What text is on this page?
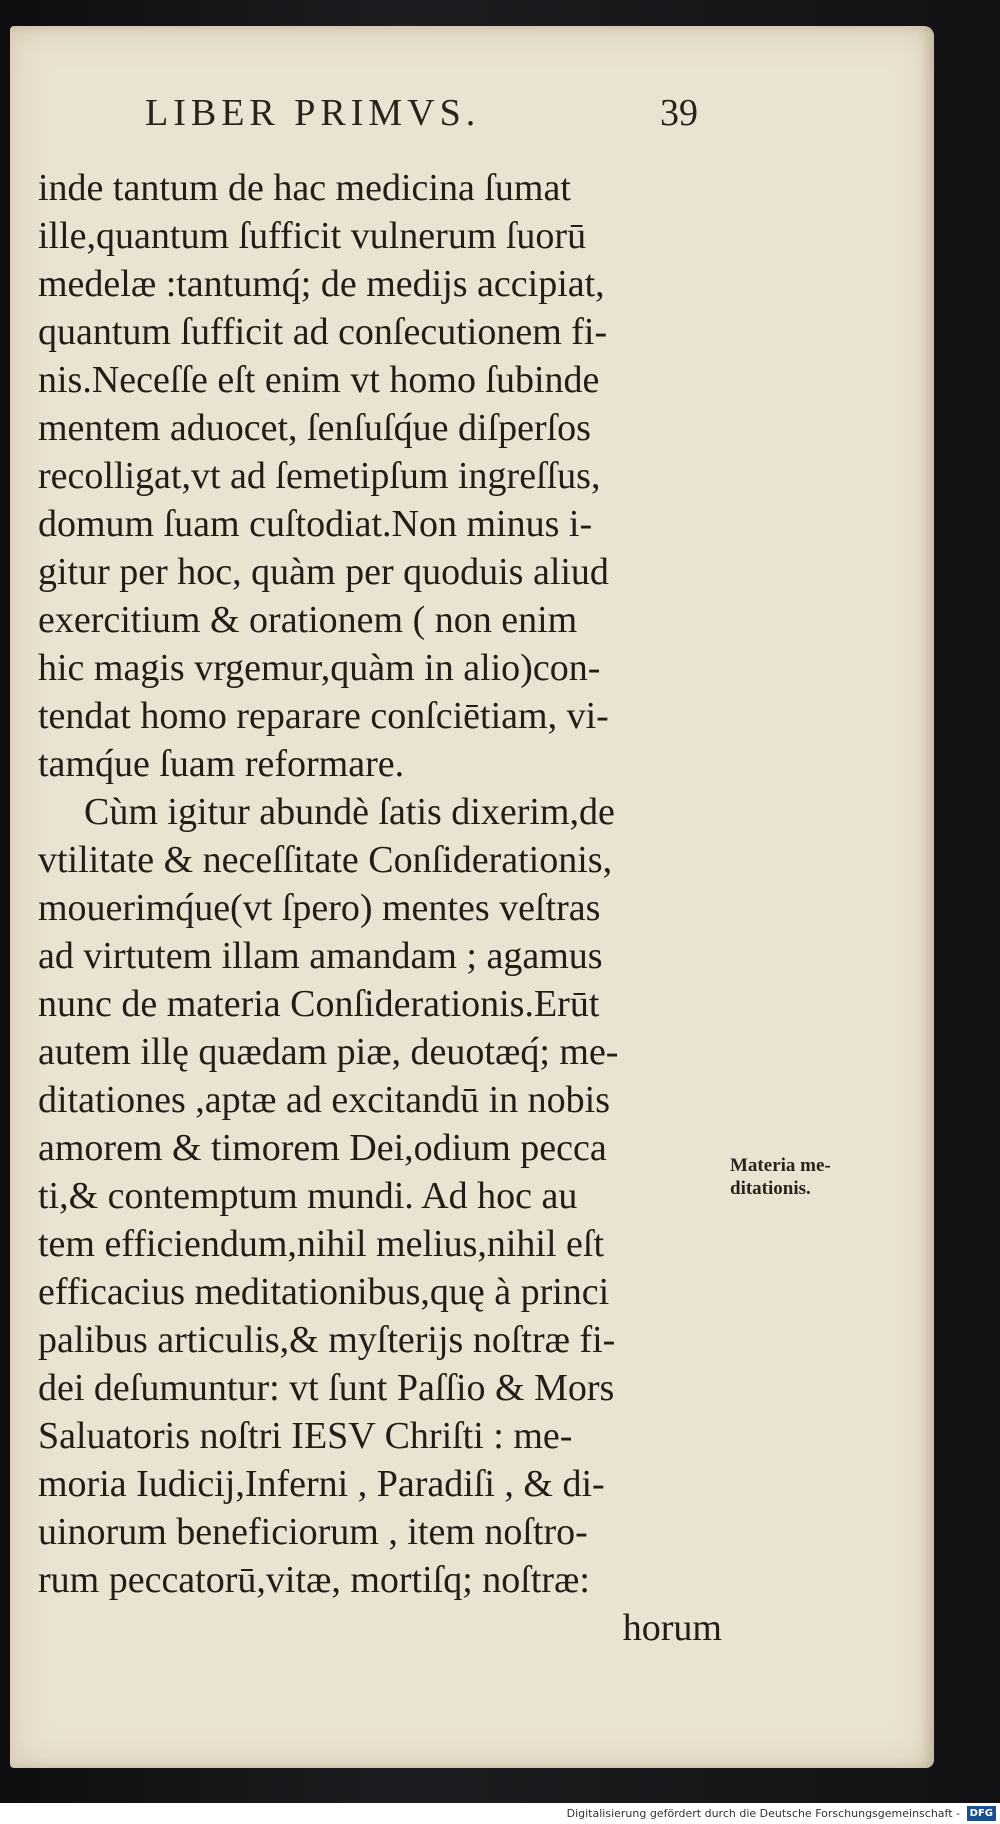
LIBER PRIMVS.	39
inde tantum de hac medicina ſumat
ille,quantum ſufficit vulnerum ſuorū
medelæ :tantumq́; de medijs accipiat,
quantum ſufficit ad conſecutionem fi-
nis.Neceſſe eſt enim vt homo ſubinde
mentem aduocet, ſenſuſq́ue diſperſos
recolligat,vt ad ſemetipſum ingreſſus,
domum ſuam cuſtodiat.Non minus i-
gitur per hoc, quàm per quoduis aliud
exercitium & orationem ( non enim
hic magis vrgemur,quàm in alio)con-
tendat homo reparare conſciētiam, vi-
tamq́ue ſuam reformare.
Cùm igitur abundè ſatis dixerim,de
vtilitate & neceſſitate Conſiderationis,
mouerimq́ue(vt ſpero) mentes veſtras
ad virtutem illam amandam ; agamus
nunc de materia Conſiderationis.Erūt
autem illę quædam piæ, deuotæq́; me-
ditationes ,aptæ ad excitandū in nobis
amorem & timorem Dei,odium pecca
ti,& contemptum mundi. Ad hoc au
tem efficiendum,nihil melius,nihil eſt
efficacius meditationibus,quę à princi
palibus articulis,& myſterijs noſtræ fi-
dei deſumuntur: vt ſunt Paſſio & Mors
Saluatoris noſtri IESV Chriſti : me-
moria Iudicij,Inferni , Paradiſi , & di-
uinorum beneficiorum , item noſtro-
rum peccatorū,vitæ, mortiſq; noſtræ:
horum
Materia me-ditationis.
Digitalisierung gefördert durch die Deutsche Forschungsgemeinschaft - DFG
